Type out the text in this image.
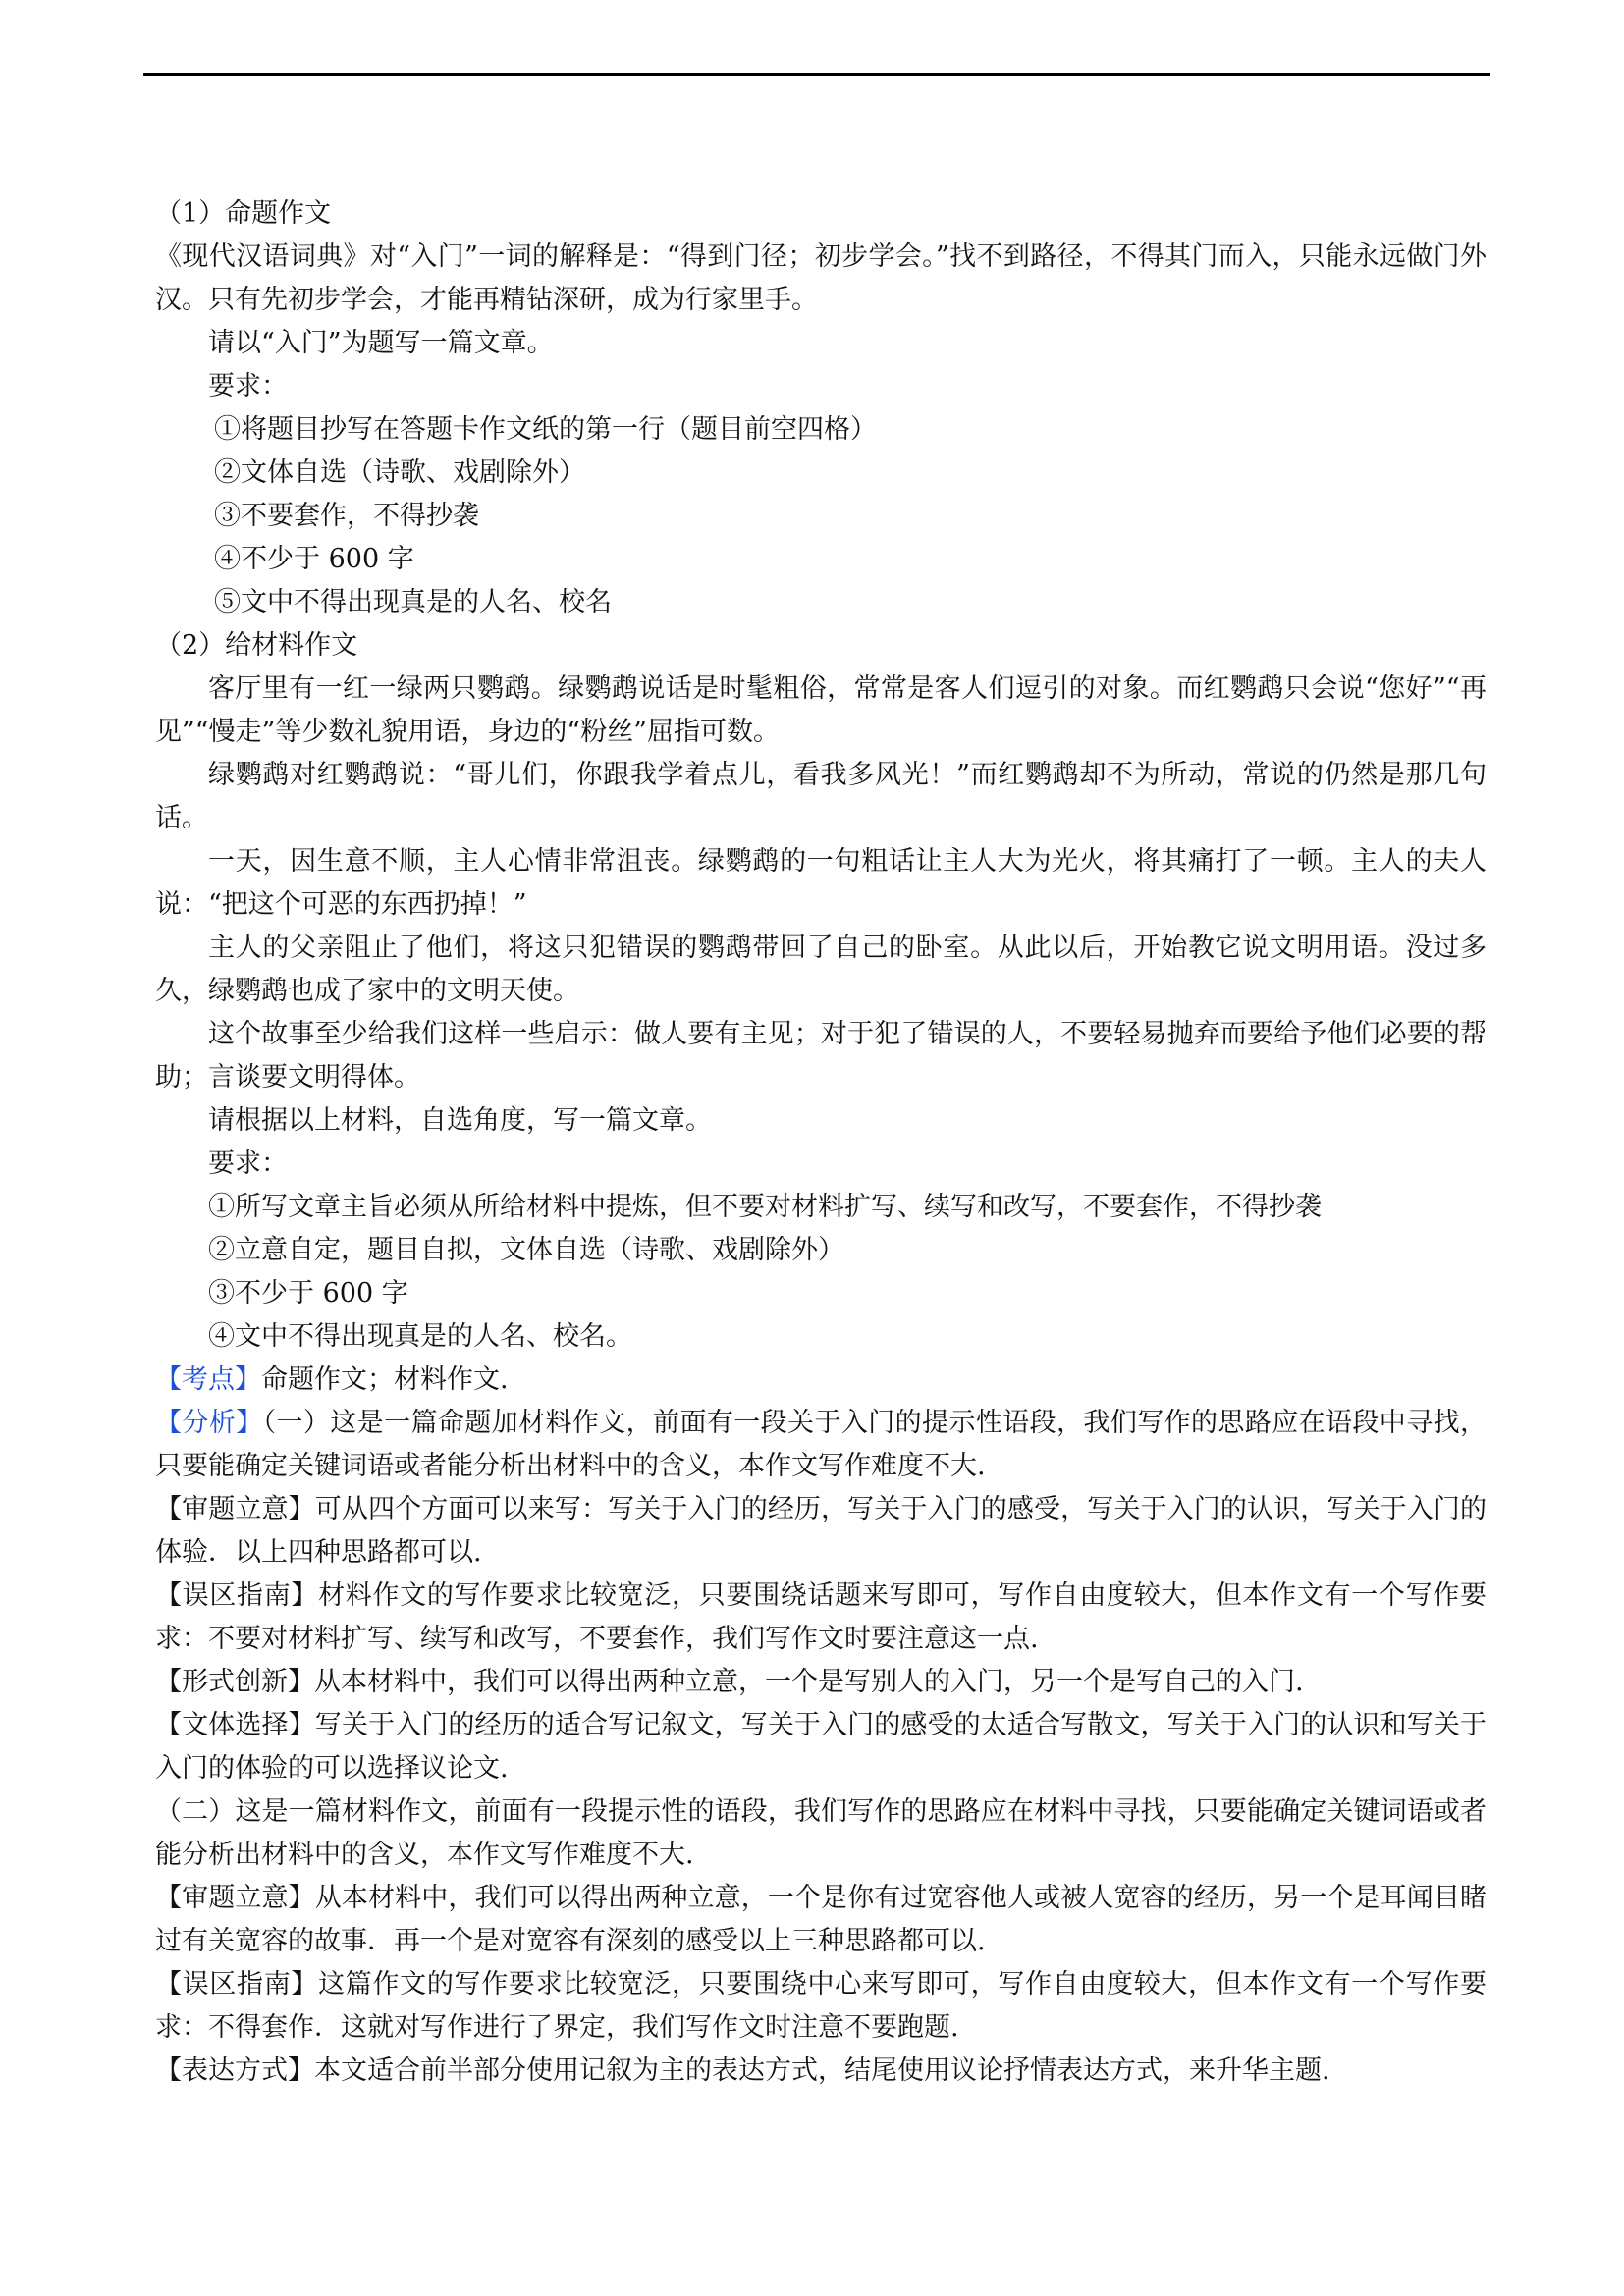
（1）命题作文
《现代汉语词典》对“入门”一词的解释是：“得到门径；初步学会。”找不到路径，不得其门而入，只能永远做门外汉。只有先初步学会，才能再精钻深研，成为行家里手。
请以“入门”为题写一篇文章。
要求：
①将题目抄写在答题卡作文纸的第一行（题目前空四格）
②文体自选（诗歌、戏剧除外）
③不要套作，不得抄袭
④不少于 600 字
⑤文中不得出现真是的人名、校名
（2）给材料作文
客厅里有一红一绿两只鹦鹉。绿鹦鹉说话是时髦粗俗，常常是客人们逗引的对象。而红鹦鹉只会说“您好”“再见”“慢走”等少数礼貌用语，身边的“粉丝”屈指可数。
绿鹦鹉对红鹦鹉说：“哥儿们，你跟我学着点儿，看我多风光！”而红鹦鹉却不为所动，常说的仍然是那几句话。
一天，因生意不顺，主人心情非常沮丧。绿鹦鹉的一句粗话让主人大为光火，将其痛打了一顿。主人的夫人说：“把这个可恶的东西扔掉！”
主人的父亲阻止了他们，将这只犯错误的鹦鹉带回了自己的卧室。从此以后，开始教它说文明用语。没过多久，绿鹦鹉也成了家中的文明天使。
这个故事至少给我们这样一些启示：做人要有主见；对于犯了错误的人，不要轻易抛弃而要给予他们必要的帮助；言谈要文明得体。
请根据以上材料，自选角度，写一篇文章。
要求：
①所写文章主旨必须从所给材料中提炼，但不要对材料扩写、续写和改写，不要套作，不得抄袭
②立意自定，题目自拟，文体自选（诗歌、戏剧除外）
③不少于 600 字
④文中不得出现真是的人名、校名。
【考点】命题作文；材料作文.
【分析】（一）这是一篇命题加材料作文，前面有一段关于入门的提示性语段，我们写作的思路应在语段中寻找，只要能确定关键词语或者能分析出材料中的含义，本作文写作难度不大.
【审题立意】可从四个方面可以来写：写关于入门的经历，写关于入门的感受，写关于入门的认识，写关于入门的体验．以上四种思路都可以.
【误区指南】材料作文的写作要求比较宽泛，只要围绕话题来写即可，写作自由度较大，但本作文有一个写作要求：不要对材料扩写、续写和改写，不要套作，我们写作文时要注意这一点.
【形式创新】从本材料中，我们可以得出两种立意，一个是写别人的入门，另一个是写自己的入门.
【文体选择】写关于入门的经历的适合写记叙文，写关于入门的感受的太适合写散文，写关于入门的认识和写关于入门的体验的可以选择议论文.
（二）这是一篇材料作文，前面有一段提示性的语段，我们写作的思路应在材料中寻找，只要能确定关键词语或者能分析出材料中的含义，本作文写作难度不大.
【审题立意】从本材料中，我们可以得出两种立意，一个是你有过宽容他人或被人宽容的经历，另一个是耳闻目睹过有关宽容的故事．再一个是对宽容有深刻的感受以上三种思路都可以.
【误区指南】这篇作文的写作要求比较宽泛，只要围绕中心来写即可，写作自由度较大，但本作文有一个写作要求：不得套作．这就对写作进行了界定，我们写作文时注意不要跑题.
【表达方式】本文适合前半部分使用记叙为主的表达方式，结尾使用议论抒情表达方式，来升华主题.
